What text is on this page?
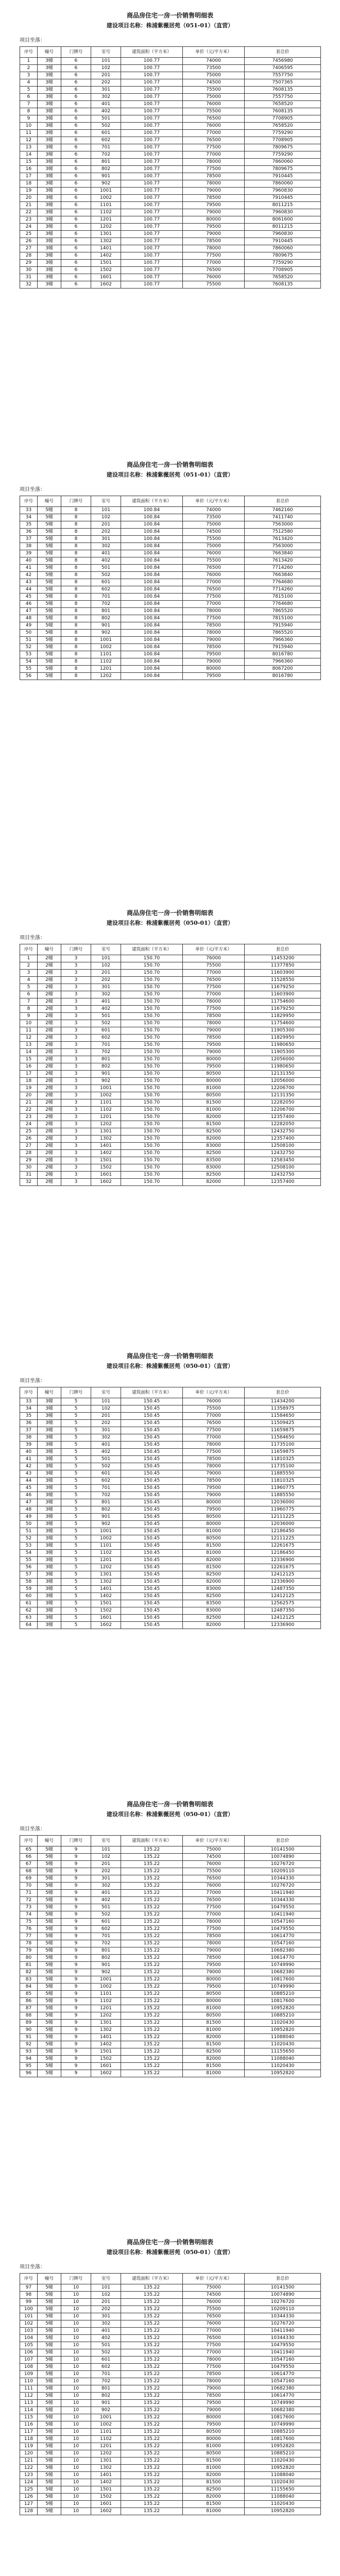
商品房住宅一房一价销售明细表
建设项目名称：株浦紫薇居苑（051-01）（直营）
项目坐落：
序号	幢号	门牌号	室号	建筑面积（平方米）	单价（元/平方米）	套总价
1	3幢	6	101	100.77	74000	7456980
2	3幢	6	102	100.77	73500	7406595
3	3幢	6	201	100.77	75000	7557750
4	3幢	6	202	100.77	74500	7507365
5	3幢	6	301	100.77	75500	7608135
6	3幢	6	302	100.77	75000	7557750
7	3幢	6	401	100.77	76000	7658520
8	3幢	6	402	100.77	75500	7608135
9	3幢	6	501	100.77	76500	7708905
10	3幢	6	502	100.77	76000	7658520
11	3幢	6	601	100.77	77000	7759290
12	3幢	6	602	100.77	76500	7708905
13	3幢	6	701	100.77	77500	7809675
14	3幢	6	702	100.77	77000	7759290
15	3幢	6	801	100.77	78000	7860060
16	3幢	6	802	100.77	77500	7809675
17	3幢	6	901	100.77	78500	7910445
18	3幢	6	902	100.77	78000	7860060
19	3幢	6	1001	100.77	79000	7960830
20	3幢	6	1002	100.77	78500	7910445
21	3幢	6	1101	100.77	79500	8011215
22	3幢	6	1102	100.77	79000	7960830
23	3幢	6	1201	100.77	80000	8061600
24	3幢	6	1202	100.77	79500	8011215
25	3幢	6	1301	100.77	79000	7960830
26	3幢	6	1302	100.77	78500	7910445
27	3幢	6	1401	100.77	78000	7860060
28	3幢	6	1402	100.77	77500	7809675
29	3幢	6	1501	100.77	77000	7759290
30	3幢	6	1502	100.77	76500	7708905
31	3幢	6	1601	100.77	76000	7658520
32	3幢	6	1602	100.77	75500	7608135
商品房住宅一房一价销售明细表
建设项目名称：株浦紫薇居苑（051-01）（直营）
项目坐落：
序号	幢号	门牌号	室号	建筑面积（平方米）	单价（元/平方米）	套总价
33	5幢	8	101	100.84	74000	7462160
34	5幢	8	102	100.84	73500	7411740
35	5幢	8	201	100.84	75000	7563000
36	5幢	8	202	100.84	74500	7512580
37	5幢	8	301	100.84	75500	7613420
38	5幢	8	302	100.84	75000	7563000
39	5幢	8	401	100.84	76000	7663840
40	5幢	8	402	100.84	75500	7613420
41	5幢	8	501	100.84	76500	7714260
42	5幢	8	502	100.84	76000	7663840
43	5幢	8	601	100.84	77000	7764680
44	5幢	8	602	100.84	76500	7714260
45	5幢	8	701	100.84	77500	7815100
46	5幢	8	702	100.84	77000	7764680
47	5幢	8	801	100.84	78000	7865520
48	5幢	8	802	100.84	77500	7815100
49	5幢	8	901	100.84	78500	7915940
50	5幢	8	902	100.84	78000	7865520
51	5幢	8	1001	100.84	79000	7966360
52	5幢	8	1002	100.84	78500	7915940
53	5幢	8	1101	100.84	79500	8016780
54	5幢	8	1102	100.84	79000	7966360
55	5幢	8	1201	100.84	80000	8067200
56	5幢	8	1202	100.84	79500	8016780
商品房住宅一房一价销售明细表
建设项目名称：株浦紫薇居苑（050-01）（直营）
项目坐落：
序号	幢号	门牌号	室号	建筑面积（平方米）	单价（元/平方米）	套总价
1	2幢	3	101	150.70	76000	11453200
2	2幢	3	102	150.70	75500	11377850
3	2幢	3	201	150.70	77000	11603900
4	2幢	3	202	150.70	76500	11528550
5	2幢	3	301	150.70	77500	11679250
6	2幢	3	302	150.70	77000	11603900
7	2幢	3	401	150.70	78000	11754600
8	2幢	3	402	150.70	77500	11679250
9	2幢	3	501	150.70	78500	11829950
10	2幢	3	502	150.70	78000	11754600
11	2幢	3	601	150.70	79000	11905300
12	2幢	3	602	150.70	78500	11829950
13	2幢	3	701	150.70	79500	11980650
14	2幢	3	702	150.70	79000	11905300
15	2幢	3	801	150.70	80000	12056000
16	2幢	3	802	150.70	79500	11980650
17	2幢	3	901	150.70	80500	12131350
18	2幢	3	902	150.70	80000	12056000
19	2幢	3	1001	150.70	81000	12206700
20	2幢	3	1002	150.70	80500	12131350
21	2幢	3	1101	150.70	81500	12282050
22	2幢	3	1102	150.70	81000	12206700
23	2幢	3	1201	150.70	82000	12357400
24	2幢	3	1202	150.70	81500	12282050
25	2幢	3	1301	150.70	82500	12432750
26	2幢	3	1302	150.70	82000	12357400
27	2幢	3	1401	150.70	83000	12508100
28	2幢	3	1402	150.70	82500	12432750
29	2幢	3	1501	150.70	83500	12583450
30	2幢	3	1502	150.70	83000	12508100
31	2幢	3	1601	150.70	82500	12432750
32	2幢	3	1602	150.70	82000	12357400
商品房住宅一房一价销售明细表
建设项目名称：株浦紫薇居苑（050-01）（直营）
项目坐落：
序号	幢号	门牌号	室号	建筑面积（平方米）	单价（元/平方米）	套总价
33	3幢	5	101	150.45	76000	11434200
34	3幢	5	102	150.45	75500	11358975
35	3幢	5	201	150.45	77000	11584650
36	3幢	5	202	150.45	76500	11509425
37	3幢	5	301	150.45	77500	11659875
38	3幢	5	302	150.45	77000	11584650
39	3幢	5	401	150.45	78000	11735100
40	3幢	5	402	150.45	77500	11659875
41	3幢	5	501	150.45	78500	11810325
42	3幢	5	502	150.45	78000	11735100
43	3幢	5	601	150.45	79000	11885550
44	3幢	5	602	150.45	78500	11810325
45	3幢	5	701	150.45	79500	11960775
46	3幢	5	702	150.45	79000	11885550
47	3幢	5	801	150.45	80000	12036000
48	3幢	5	802	150.45	79500	11960775
49	3幢	5	901	150.45	80500	12111225
50	3幢	5	902	150.45	80000	12036000
51	3幢	5	1001	150.45	81000	12186450
52	3幢	5	1002	150.45	80500	12111225
53	3幢	5	1101	150.45	81500	12261675
54	3幢	5	1102	150.45	81000	12186450
55	3幢	5	1201	150.45	82000	12336900
56	3幢	5	1202	150.45	81500	12261675
57	3幢	5	1301	150.45	82500	12412125
58	3幢	5	1302	150.45	82000	12336900
59	3幢	5	1401	150.45	83000	12487350
60	3幢	5	1402	150.45	82500	12412125
61	3幢	5	1501	150.45	83500	12562575
62	3幢	5	1502	150.45	83000	12487350
63	3幢	5	1601	150.45	82500	12412125
64	3幢	5	1602	150.45	82000	12336900
商品房住宅一房一价销售明细表
建设项目名称：株浦紫薇居苑（050-01）（直营）
项目坐落：
序号	幢号	门牌号	室号	建筑面积（平方米）	单价（元/平方米）	套总价
65	5幢	9	101	135.22	75000	10141500
66	5幢	9	102	135.22	74500	10074890
67	5幢	9	201	135.22	76000	10276720
68	5幢	9	202	135.22	75500	10209110
69	5幢	9	301	135.22	76500	10344330
70	5幢	9	302	135.22	76000	10276720
71	5幢	9	401	135.22	77000	10411940
72	5幢	9	402	135.22	76500	10344330
73	5幢	9	501	135.22	77500	10479550
74	5幢	9	502	135.22	77000	10411940
75	5幢	9	601	135.22	78000	10547160
76	5幢	9	602	135.22	77500	10479550
77	5幢	9	701	135.22	78500	10614770
78	5幢	9	702	135.22	78000	10547160
79	5幢	9	801	135.22	79000	10682380
80	5幢	9	802	135.22	78500	10614770
81	5幢	9	901	135.22	79500	10749990
82	5幢	9	902	135.22	79000	10682380
83	5幢	9	1001	135.22	80000	10817600
84	5幢	9	1002	135.22	79500	10749990
85	5幢	9	1101	135.22	80500	10885210
86	5幢	9	1102	135.22	80000	10817600
87	5幢	9	1201	135.22	81000	10952820
88	5幢	9	1202	135.22	80500	10885210
89	5幢	9	1301	135.22	81500	11020430
90	5幢	9	1302	135.22	81000	10952820
91	5幢	9	1401	135.22	82000	11088040
92	5幢	9	1402	135.22	81500	11020430
93	5幢	9	1501	135.22	82500	11155650
94	5幢	9	1502	135.22	82000	11088040
95	5幢	9	1601	135.22	81500	11020430
96	5幢	9	1602	135.22	81000	10952820
商品房住宅一房一价销售明细表
建设项目名称：株浦紫薇居苑（050-01）（直营）
项目坐落：
序号	幢号	门牌号	室号	建筑面积（平方米）	单价（元/平方米）	套总价
97	5幢	10	101	135.22	75000	10141500
98	5幢	10	102	135.22	74500	10074890
99	5幢	10	201	135.22	76000	10276720
100	5幢	10	202	135.22	75500	10209110
101	5幢	10	301	135.22	76500	10344330
102	5幢	10	302	135.22	76000	10276720
103	5幢	10	401	135.22	77000	10411940
104	5幢	10	402	135.22	76500	10344330
105	5幢	10	501	135.22	77500	10479550
106	5幢	10	502	135.22	77000	10411940
107	5幢	10	601	135.22	78000	10547160
108	5幢	10	602	135.22	77500	10479550
109	5幢	10	701	135.22	78500	10614770
110	5幢	10	702	135.22	78000	10547160
111	5幢	10	801	135.22	79000	10682380
112	5幢	10	802	135.22	78500	10614770
113	5幢	10	901	135.22	79500	10749990
114	5幢	10	902	135.22	79000	10682380
115	5幢	10	1001	135.22	80000	10817600
116	5幢	10	1002	135.22	79500	10749990
117	5幢	10	1101	135.22	80500	10885210
118	5幢	10	1102	135.22	80000	10817600
119	5幢	10	1201	135.22	81000	10952820
120	5幢	10	1202	135.22	80500	10885210
121	5幢	10	1301	135.22	81500	11020430
122	5幢	10	1302	135.22	81000	10952820
123	5幢	10	1401	135.22	82000	11088040
124	5幢	10	1402	135.22	81500	11020430
125	5幢	10	1501	135.22	82500	11155650
126	5幢	10	1502	135.22	82000	11088040
127	5幢	10	1601	135.22	81500	11020430
128	5幢	10	1602	135.22	81000	10952820
